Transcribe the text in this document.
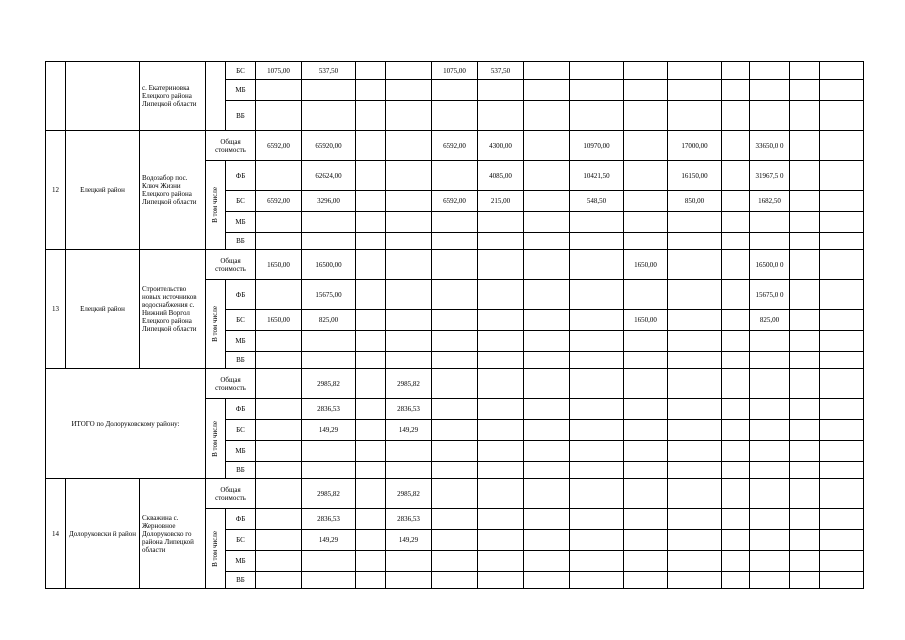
		с. Екатериновка Елецкого района Липецкой области		БС	1075,00	537,50			1075,00	537,50									
				МБ															
				ВБ															
12	Елецкий район	Водозабор пос. Ключ Жизни Елецкого района Липецкой области	Общая стоимость		6592,00	65920,00			6592,00	4300,00		10970,00		17000,00		33650,0 0			

			В том числе	ФБ		62624,00				4085,00		10421,50		16150,00		31967,5 0			
				БС	6592,00	3296,00			6592,00	215,00		548,50		850,00		1682,50			
				МБ															
				ВБ															
13	Елецкий район	Строительство новых источников водоснабжения с. Нижний Воргол Елецкого района Липецкой области	Общая стоимость		1650,00	16500,00							1650,00			16500,0 0			

			В том числе	ФБ		15675,00										15675,0 0			
				БС	1650,00	825,00							1650,00			825,00			
				МБ															
				ВБ															
ИТОГО по Долоруковскому району:			Общая стоимость			2985,82		2985,82											

			В том числе	ФБ		2836,53		2836,53											
				БС		149,29		149,29											
				МБ															
				ВБ															
14	Долоруковски й район	Скважина с. Жерновное Долоруковско го района Липецкой области	Общая стоимость			2985,82		2985,82											

			В том числе	ФБ		2836,53		2836,53											
				БС		149,29		149,29											
				МБ															
				ВБ															
